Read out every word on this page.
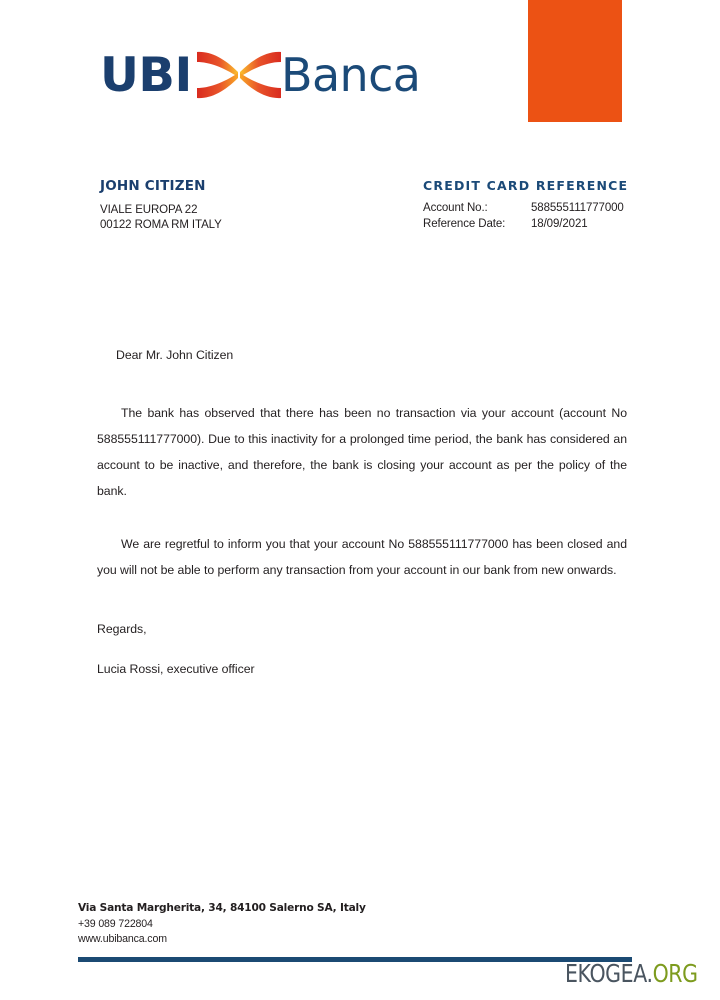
UBI Banca
JOHN CITIZEN
VIALE EUROPA 22
00122 ROMA RM ITALY
CREDIT CARD REFERENCE
Account No.:	588555111777000
Reference Date:	18/09/2021
Dear Mr. John Citizen

The bank has observed that there has been no transaction via your account (account No 588555111777000). Due to this inactivity for a prolonged time period, the bank has considered an account to be inactive, and therefore, the bank is closing your account as per the policy of the bank.

We are regretful to inform you that your account No 588555111777000 has been closed and you will not be able to perform any transaction from your account in our bank from new onwards.

Regards,
Lucia Rossi, executive officer
Via Santa Margherita, 34, 84100 Salerno SA, Italy
+39 089 722804
www.ubibanca.com
EKOGEA.ORG
